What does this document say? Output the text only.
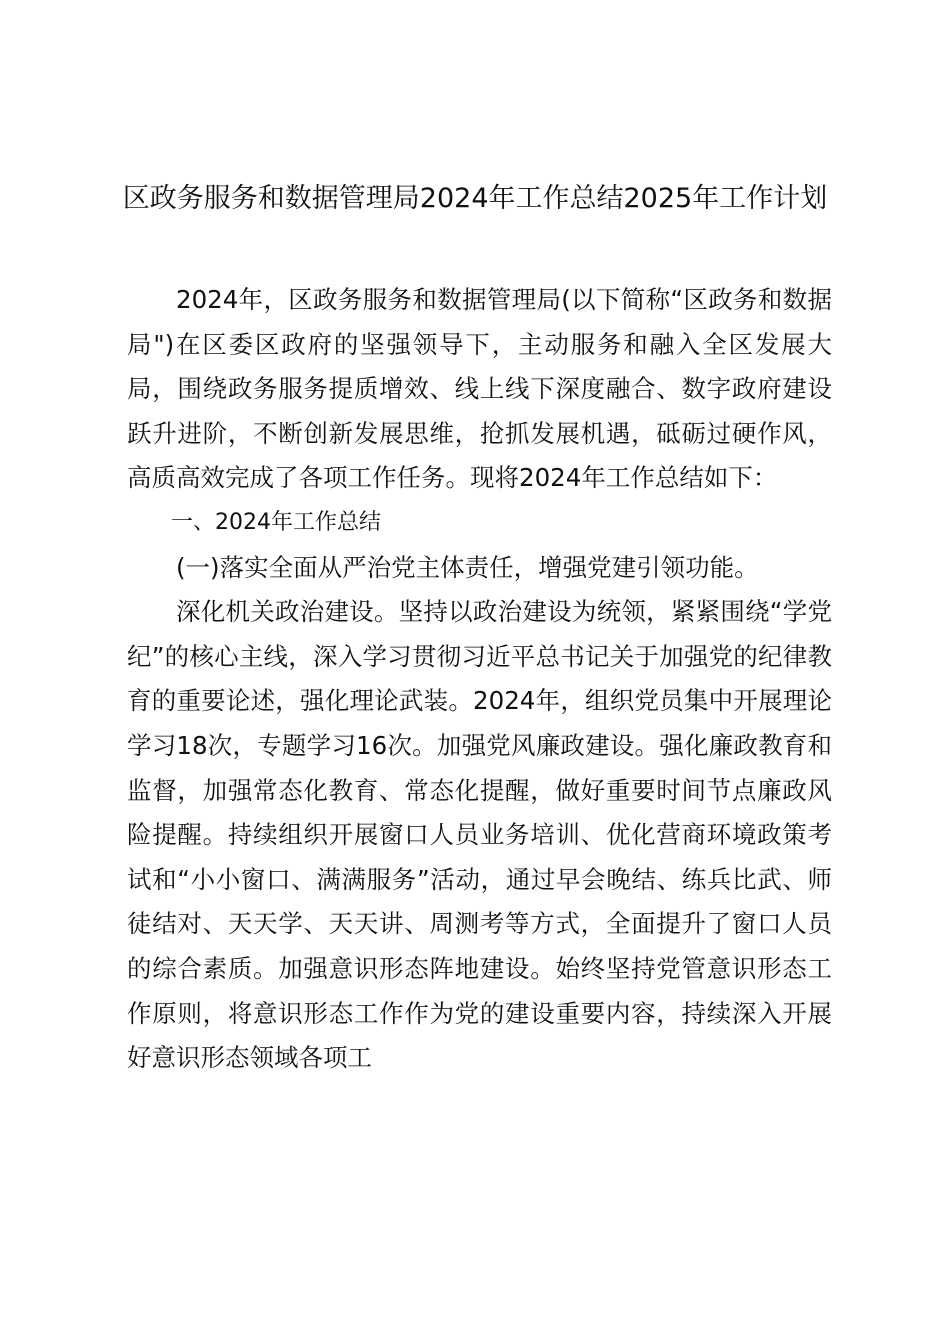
区政务服务和数据管理局2024年工作总结2025年工作计划

2024年，区政务服务和数据管理局(以下简称“区政务和数据局")在区委区政府的坚强领导下，主动服务和融入全区发展大局，围绕政务服务提质增效、线上线下深度融合、数字政府建设跃升进阶，不断创新发展思维，抢抓发展机遇，砥砺过硬作风，高质高效完成了各项工作任务。现将2024年工作总结如下：

一、2024年工作总结

(一)落实全面从严治党主体责任，增强党建引领功能。

深化机关政治建设。坚持以政治建设为统领，紧紧围绕“学党纪”的核心主线，深入学习贯彻习近平总书记关于加强党的纪律教育的重要论述，强化理论武装。2024年，组织党员集中开展理论学习18次，专题学习16次。加强党风廉政建设。强化廉政教育和监督，加强常态化教育、常态化提醒，做好重要时间节点廉政风险提醒。持续组织开展窗口人员业务培训、优化营商环境政策考试和“小小窗口、满满服务”活动，通过早会晚结、练兵比武、师徒结对、天天学、天天讲、周测考等方式，全面提升了窗口人员的综合素质。加强意识形态阵地建设。始终坚持党管意识形态工作原则，将意识形态工作作为党的建设重要内容，持续深入开展好意识形态领域各项工
